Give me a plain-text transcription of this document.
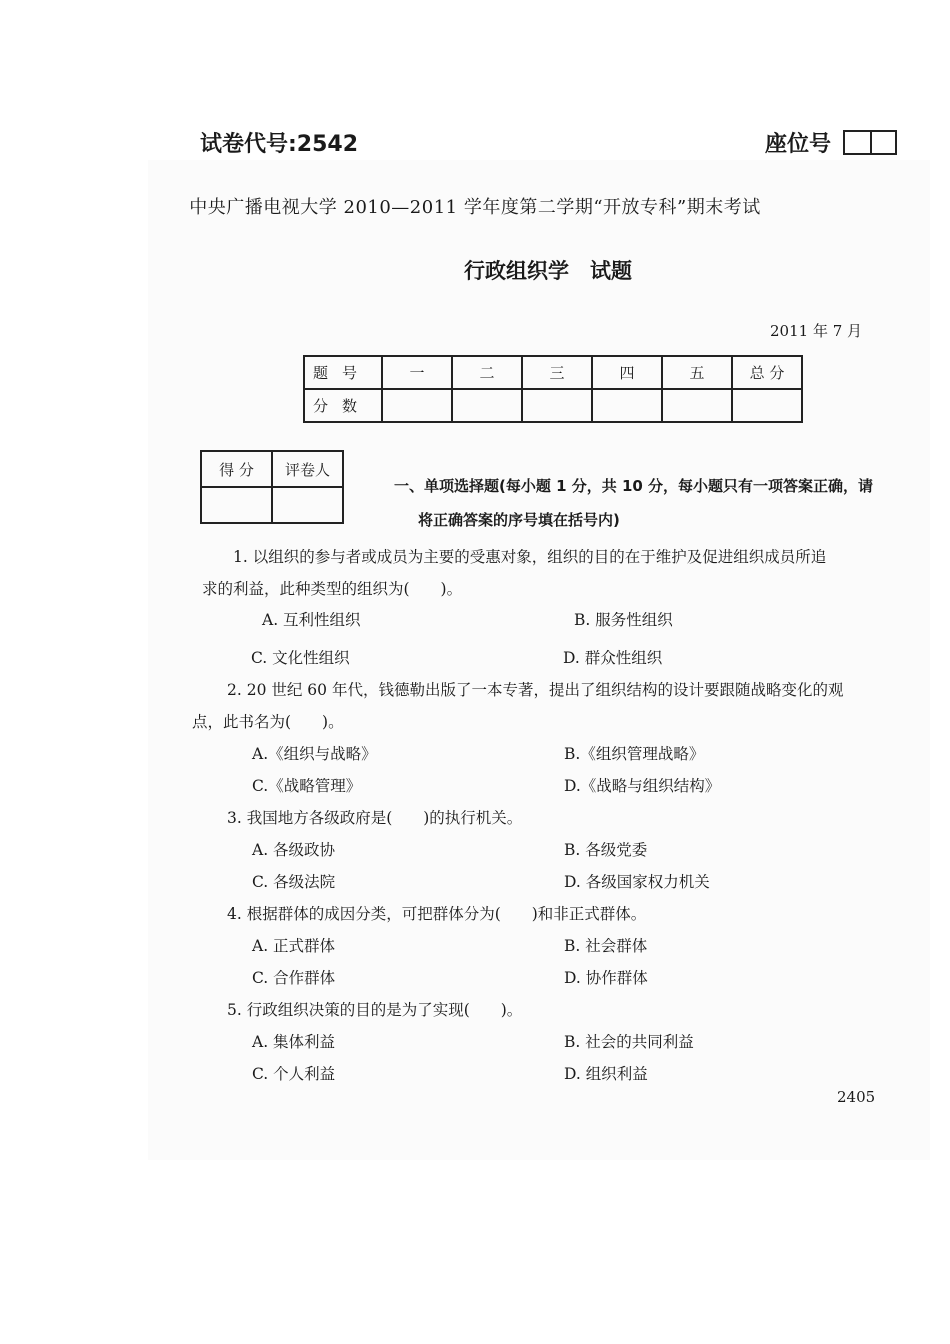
试卷代号:2542	座位号
中央广播电视大学 2010—2011 学年度第二学期“开放专科”期末考试
行政组织学　试题
2011 年 7 月
题号	一	二	三	四	五	总 分
分数						
得 分	评卷人

一、单项选择题(每小题 1 分，共 10 分，每小题只有一项答案正确，请
将正确答案的序号填在括号内)
1. 以组织的参与者或成员为主要的受惠对象，组织的目的在于维护及促进组织成员所追
求的利益，此种类型的组织为(　　)。
A. 互利性组织	B. 服务性组织
C. 文化性组织	D. 群众性组织
2. 20 世纪 60 年代，钱德勒出版了一本专著，提出了组织结构的设计要跟随战略变化的观
点，此书名为(　　)。
A.《组织与战略》	B.《组织管理战略》
C.《战略管理》	D.《战略与组织结构》
3. 我国地方各级政府是(　　)的执行机关。
A. 各级政协	B. 各级党委
C. 各级法院	D. 各级国家权力机关
4. 根据群体的成因分类，可把群体分为(　　)和非正式群体。
A. 正式群体	B. 社会群体
C. 合作群体	D. 协作群体
5. 行政组织决策的目的是为了实现(　　)。
A. 集体利益	B. 社会的共同利益
C. 个人利益	D. 组织利益
2405
